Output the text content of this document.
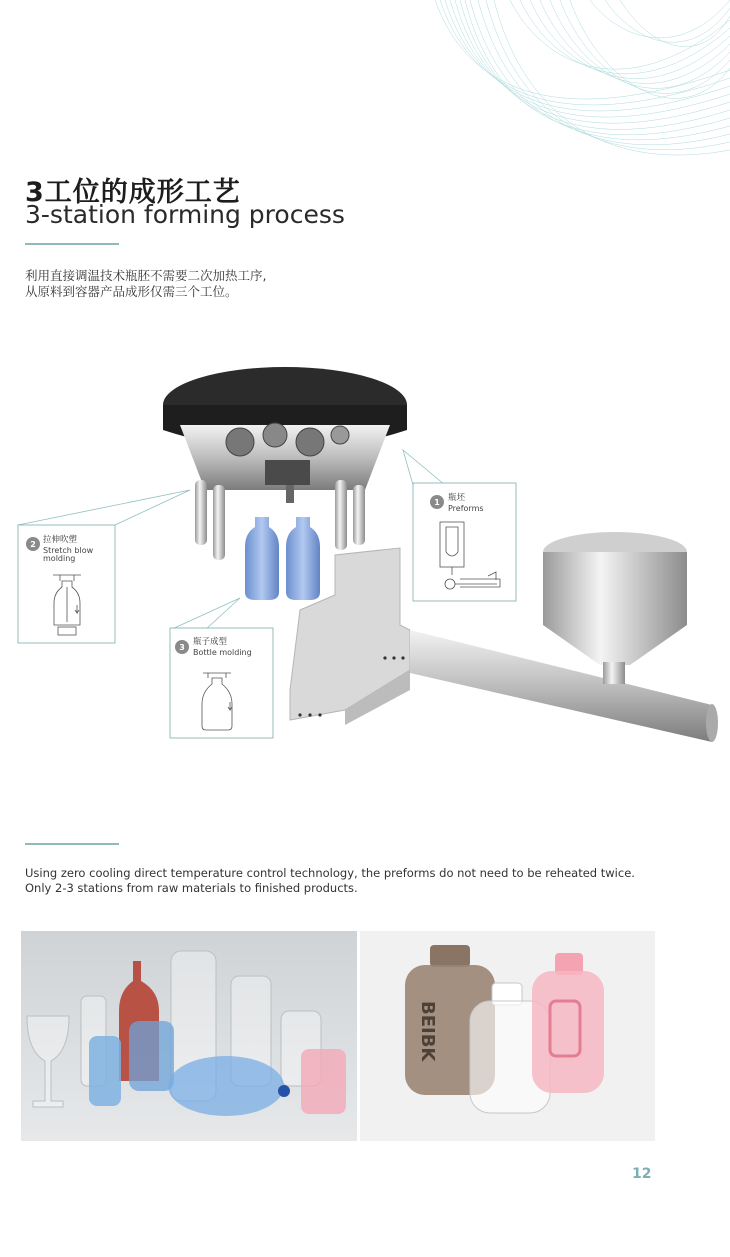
3工位的成形工艺
3-station forming process
利用直接调温技术瓶胚不需要二次加热工序,
从原料到容器产品成形仅需三个工位。
1 瓶坯
Preforms
2 拉伸吹塑
Stretch blow
molding
3
瓶子成型
Bottle molding
Using zero cooling direct temperature control technology, the preforms do not need to be reheated twice.
Only 2-3 stations from raw materials to finished products.
BEIBK
12
